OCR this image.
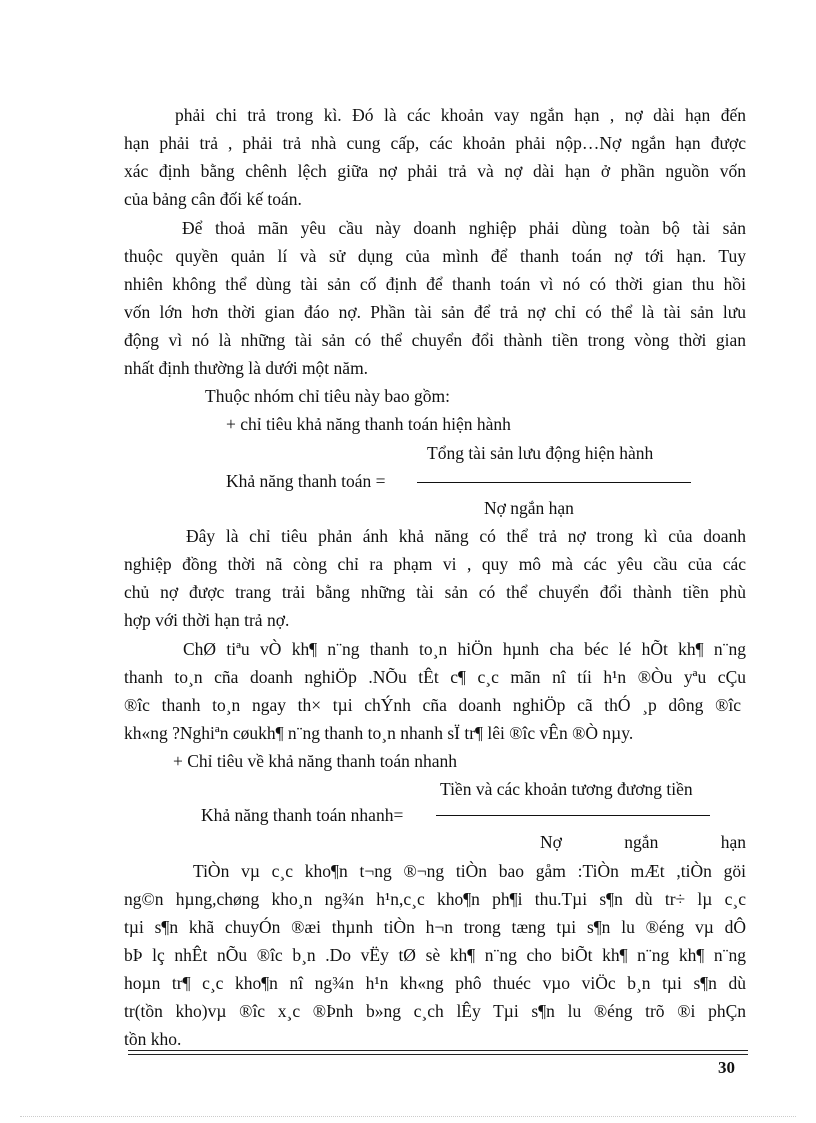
phải chi trả trong kì. Đó là các khoản vay ngắn hạn , nợ dài hạn đến
hạn phải trả , phải trả nhà cung cấp, các khoản phải nộp…Nợ ngắn hạn được
xác định bằng chênh lệch giữa nợ phải trả và nợ dài hạn ở phần nguồn vốn
của bảng cân đối kế toán.
Để thoả mãn yêu cầu này doanh nghiệp phải dùng toàn bộ tài sản
thuộc quyền quản lí và sử dụng của mình để thanh toán nợ tới hạn. Tuy
nhiên không thể dùng tài sản cố định để thanh toán vì nó có thời gian thu hồi
vốn lớn hơn thời gian đáo nợ. Phần tài sản để trả nợ chỉ có thể là tài sản lưu
động vì nó là những tài sản có thể chuyển đổi thành tiền trong vòng thời gian
nhất định thường là dưới một năm.
Thuộc nhóm chỉ tiêu này bao gồm:
+ chỉ tiêu khả năng thanh toán hiện hành
Tổng tài sản lưu động hiện hành
Khả năng thanh toán =
Nợ ngắn hạn
Đây là chỉ tiêu phản ánh khả năng có thể trả nợ trong kì của doanh
nghiệp đồng thời nã còng chỉ ra phạm vi , quy mô mà các yêu cầu của các
chủ nợ được trang trải bằng những tài sản có thể chuyển đổi thành tiền phù
hợp với thời hạn trả nợ.
ChØ tiªu vÒ kh¶ n¨ng thanh to¸n hiÖn hµnh cha béc lé hÕt kh¶ n¨ng
thanh to¸n cña doanh nghiÖp .NÕu tÊt c¶ c¸c mãn nî tíi h¹n ®Òu yªu cÇu
®îc thanh to¸n ngay th× tµi chÝnh cña doanh nghiÖp cã thÓ ¸p dông ®îc
kh«ng ?Nghiªn cøukh¶ n¨ng thanh to¸n nhanh sÏ tr¶ lêi ®îc vÊn ®Ò nµy.
+ Chỉ tiêu về khả năng thanh toán nhanh
Tiền và các khoản tương đương tiền
Khả năng thanh toán nhanh=
Nợ ngắn hạn
TiÒn vµ c¸c kho¶n t¬ng ®¬ng tiÒn bao gåm :TiÒn mÆt ,tiÒn göi
ng©n hµng,chøng kho¸n ng¾n h¹n,c¸c kho¶n ph¶i thu.Tµi s¶n dù tr÷ lµ c¸c
tµi s¶n khã chuyÓn ®æi thµnh tiÒn h¬n trong tæng tµi s¶n lu ®éng vµ dÔ
bÞ lç nhÊt nÕu ®îc b¸n .Do vËy tØ sè kh¶ n¨ng cho biÕt kh¶ n¨ng kh¶ n¨ng
hoµn tr¶ c¸c kho¶n nî ng¾n h¹n kh«ng phô thuéc vµo viÖc b¸n tµi s¶n dù
tr(tồn kho)vµ ®îc x¸c ®Þnh b»ng c¸ch lÊy Tµi s¶n lu ®éng trõ ®i phÇn
tồn kho.
30
